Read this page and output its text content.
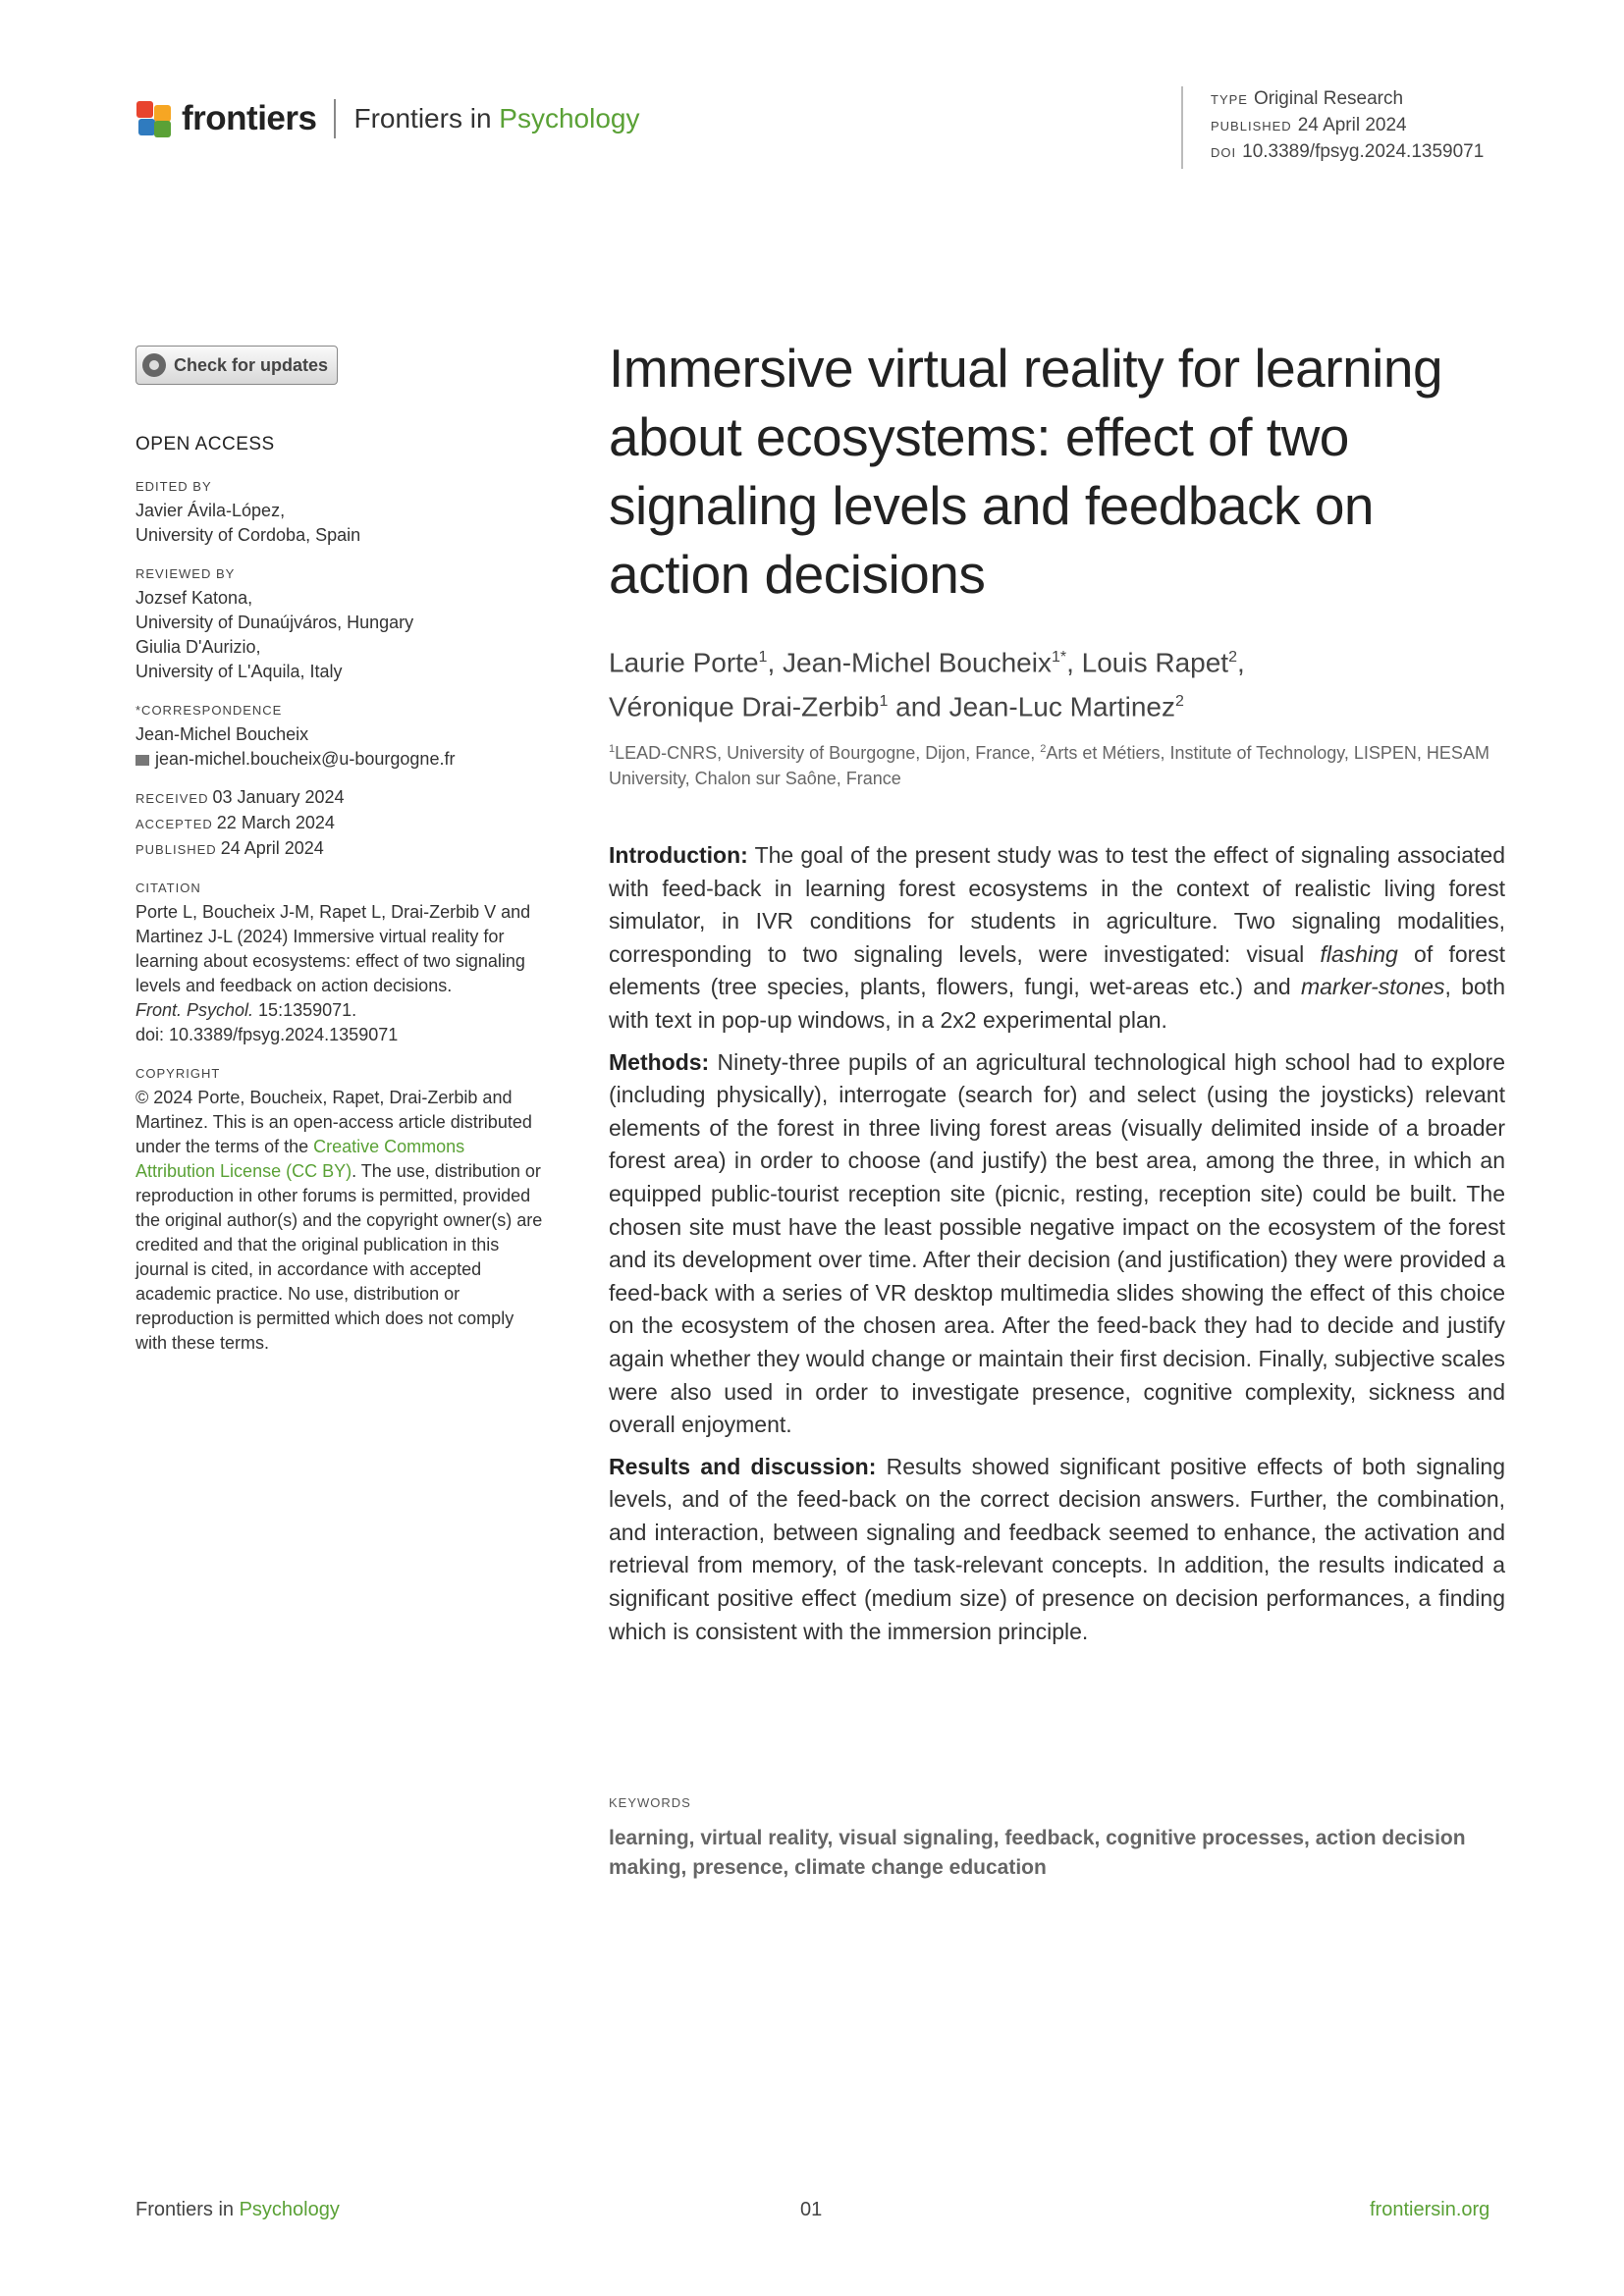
frontiers Frontiers in Psychology
TYPE Original Research
PUBLISHED 24 April 2024
DOI 10.3389/fpsyg.2024.1359071
Check for updates
OPEN ACCESS
EDITED BY

Javier Ávila-López,

University of Cordoba, Spain

REVIEWED BY

Jozsef Katona,

University of Dunaújváros, Hungary

Giulia D'Aurizio,

University of L'Aquila, Italy

*CORRESPONDENCE

Jean-Michel Boucheix

jean-michel.boucheix@u-bourgogne.fr

RECEIVED 03 January 2024

ACCEPTED 22 March 2024

PUBLISHED 24 April 2024

CITATION

Porte L, Boucheix J-M, Rapet L, Drai-Zerbib V and Martinez J-L (2024) Immersive virtual reality for learning about ecosystems: effect of two signaling levels and feedback on action decisions.
Front. Psychol. 15:1359071.
doi: 10.3389/fpsyg.2024.1359071

COPYRIGHT

© 2024 Porte, Boucheix, Rapet, Drai-Zerbib and Martinez. This is an open-access article distributed under the terms of the Creative Commons Attribution License (CC BY). The use, distribution or reproduction in other forums is permitted, provided the original author(s) and the copyright owner(s) are credited and that the original publication in this journal is cited, in accordance with accepted academic practice. No use, distribution or reproduction is permitted which does not comply with these terms.

Immersive virtual reality for learning about ecosystems: effect of two signaling levels and feedback on action decisions

Laurie Porte$^1$, Jean-Michel Boucheix$^{1*}$, Louis Rapet$^2$,
Véronique Drai-Zerbib$^1$ and Jean-Luc Martinez$^2$

$^1$LEAD-CNRS, University of Bourgogne, Dijon, France, $^2$Arts et Métiers, Institute of Technology, LISPEN, HESAM University, Chalon sur Saône, France

Introduction: The goal of the present study was to test the effect of signaling associated with feed-back in learning forest ecosystems in the context of realistic living forest simulator, in IVR conditions for students in agriculture. Two signaling modalities, corresponding to two signaling levels, were investigated: visual flashing of forest elements (tree species, plants, flowers, fungi, wet-areas etc.) and marker-stones, both with text in pop-up windows, in a 2x2 experimental plan.

Methods: Ninety-three pupils of an agricultural technological high school had to explore (including physically), interrogate (search for) and select (using the joysticks) relevant elements of the forest in three living forest areas (visually delimited inside of a broader forest area) in order to choose (and justify) the best area, among the three, in which an equipped public-tourist reception site (picnic, resting, reception site) could be built. The chosen site must have the least possible negative impact on the ecosystem of the forest and its development over time. After their decision (and justification) they were provided a feed-back with a series of VR desktop multimedia slides showing the effect of this choice on the ecosystem of the chosen area. After the feed-back they had to decide and justify again whether they would change or maintain their first decision. Finally, subjective scales were also used in order to investigate presence, cognitive complexity, sickness and overall enjoyment.

Results and discussion: Results showed significant positive effects of both signaling levels, and of the feed-back on the correct decision answers. Further, the combination, and interaction, between signaling and feedback seemed to enhance, the activation and retrieval from memory, of the task-relevant concepts. In addition, the results indicated a significant positive effect (medium size) of presence on decision performances, a finding which is consistent with the immersion principle.

KEYWORDS

learning, virtual reality, visual signaling, feedback, cognitive processes, action decision making, presence, climate change education

Frontiers in Psychology	01	frontiersin.org
